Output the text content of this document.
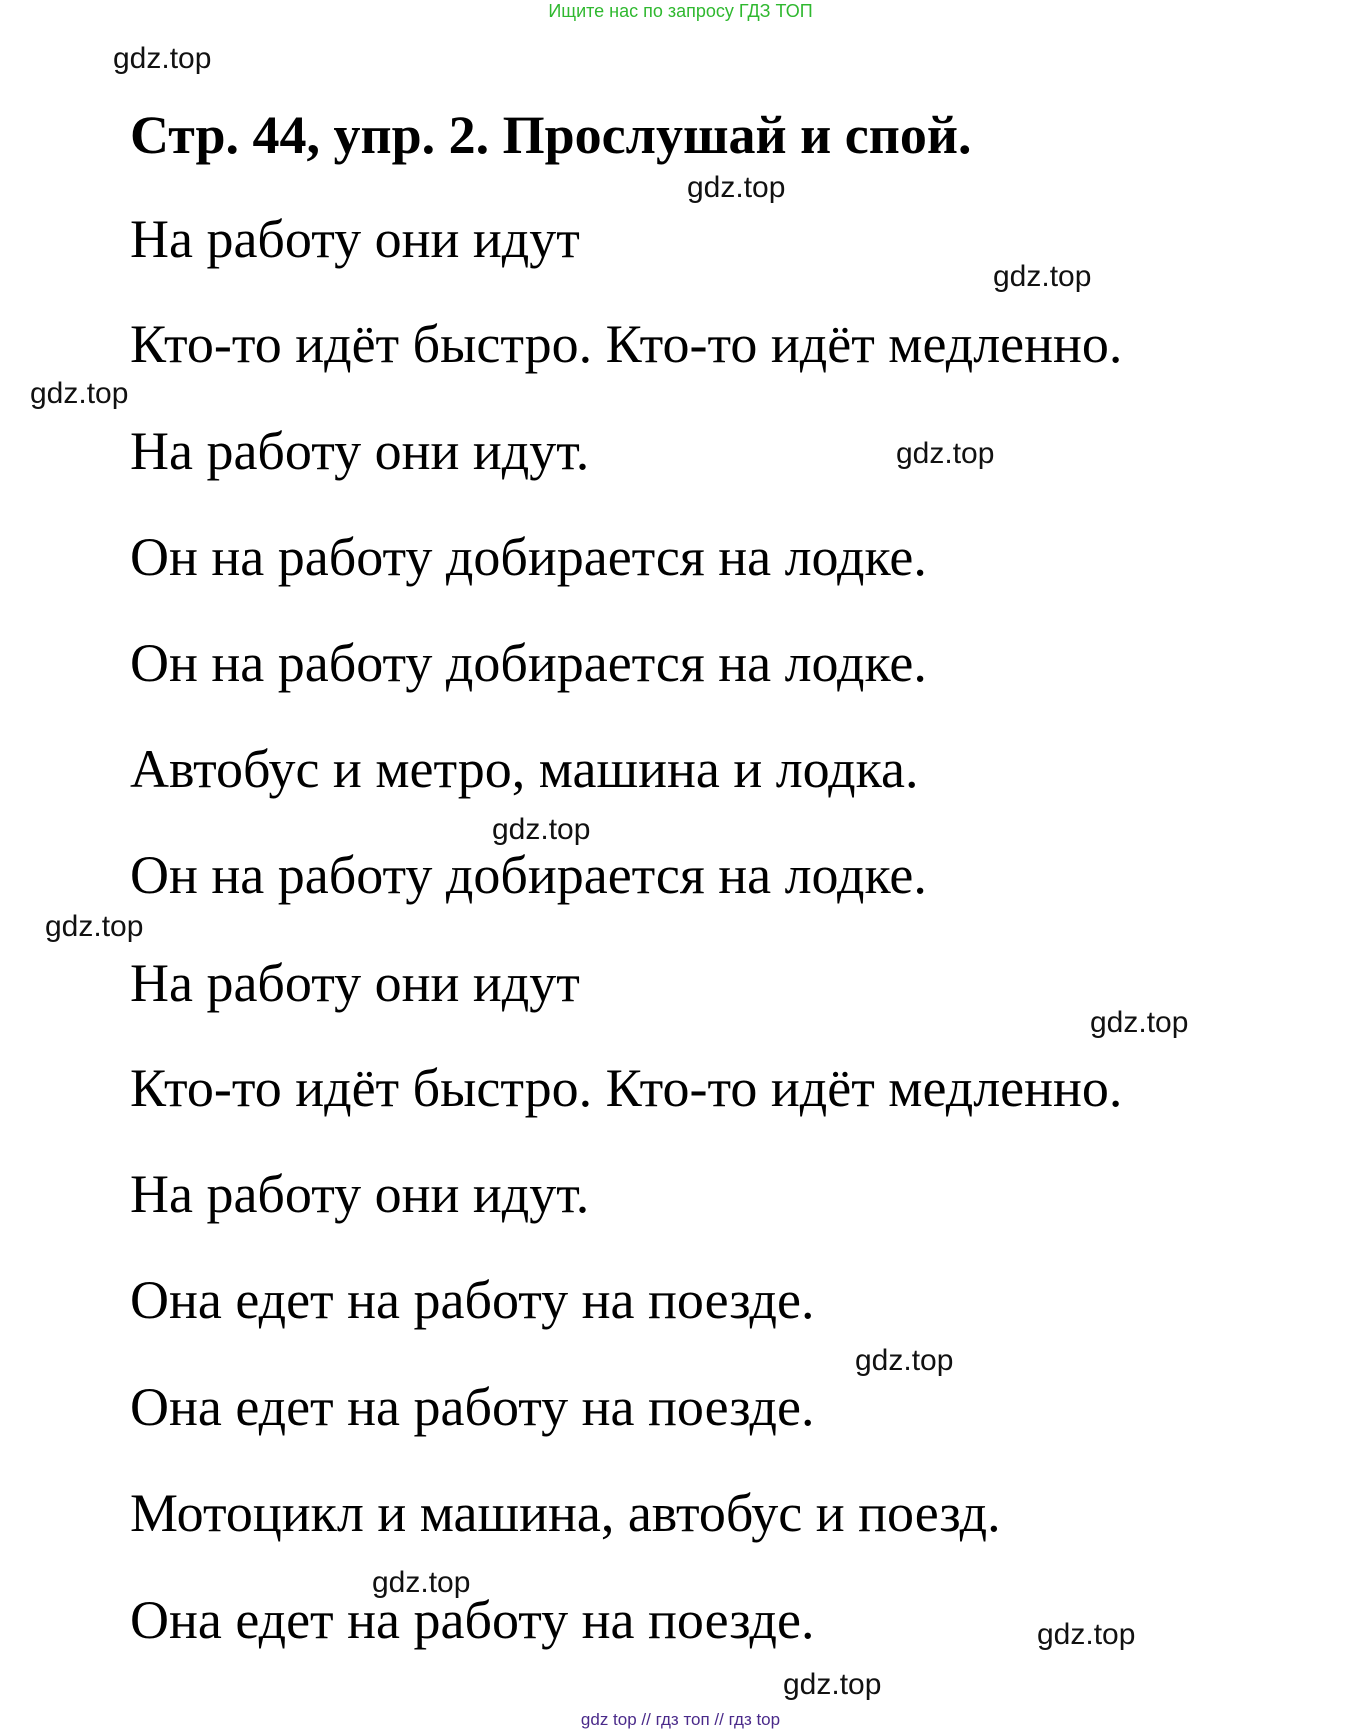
Ищите нас по запросу ГДЗ ТОП
gdz.top
gdz.top
gdz.top
gdz.top
gdz.top
gdz.top
gdz.top
gdz.top
gdz.top
gdz.top
gdz.top
gdz.top
Стр. 44, упр. 2. Прослушай и спой.

На работу они идут

Кто-то идёт быстро. Кто-то идёт медленно.

На работу они идут.

Он на работу добирается на лодке.

Он на работу добирается на лодке.

Автобус и метро, машина и лодка.

Он на работу добирается на лодке.

На работу они идут

Кто-то идёт быстро. Кто-то идёт медленно.

На работу они идут.

Она едет на работу на поезде.

Она едет на работу на поезде.

Мотоцикл и машина, автобус и поезд.

Она едет на работу на поезде.

gdz top // гдз топ // гдз top
